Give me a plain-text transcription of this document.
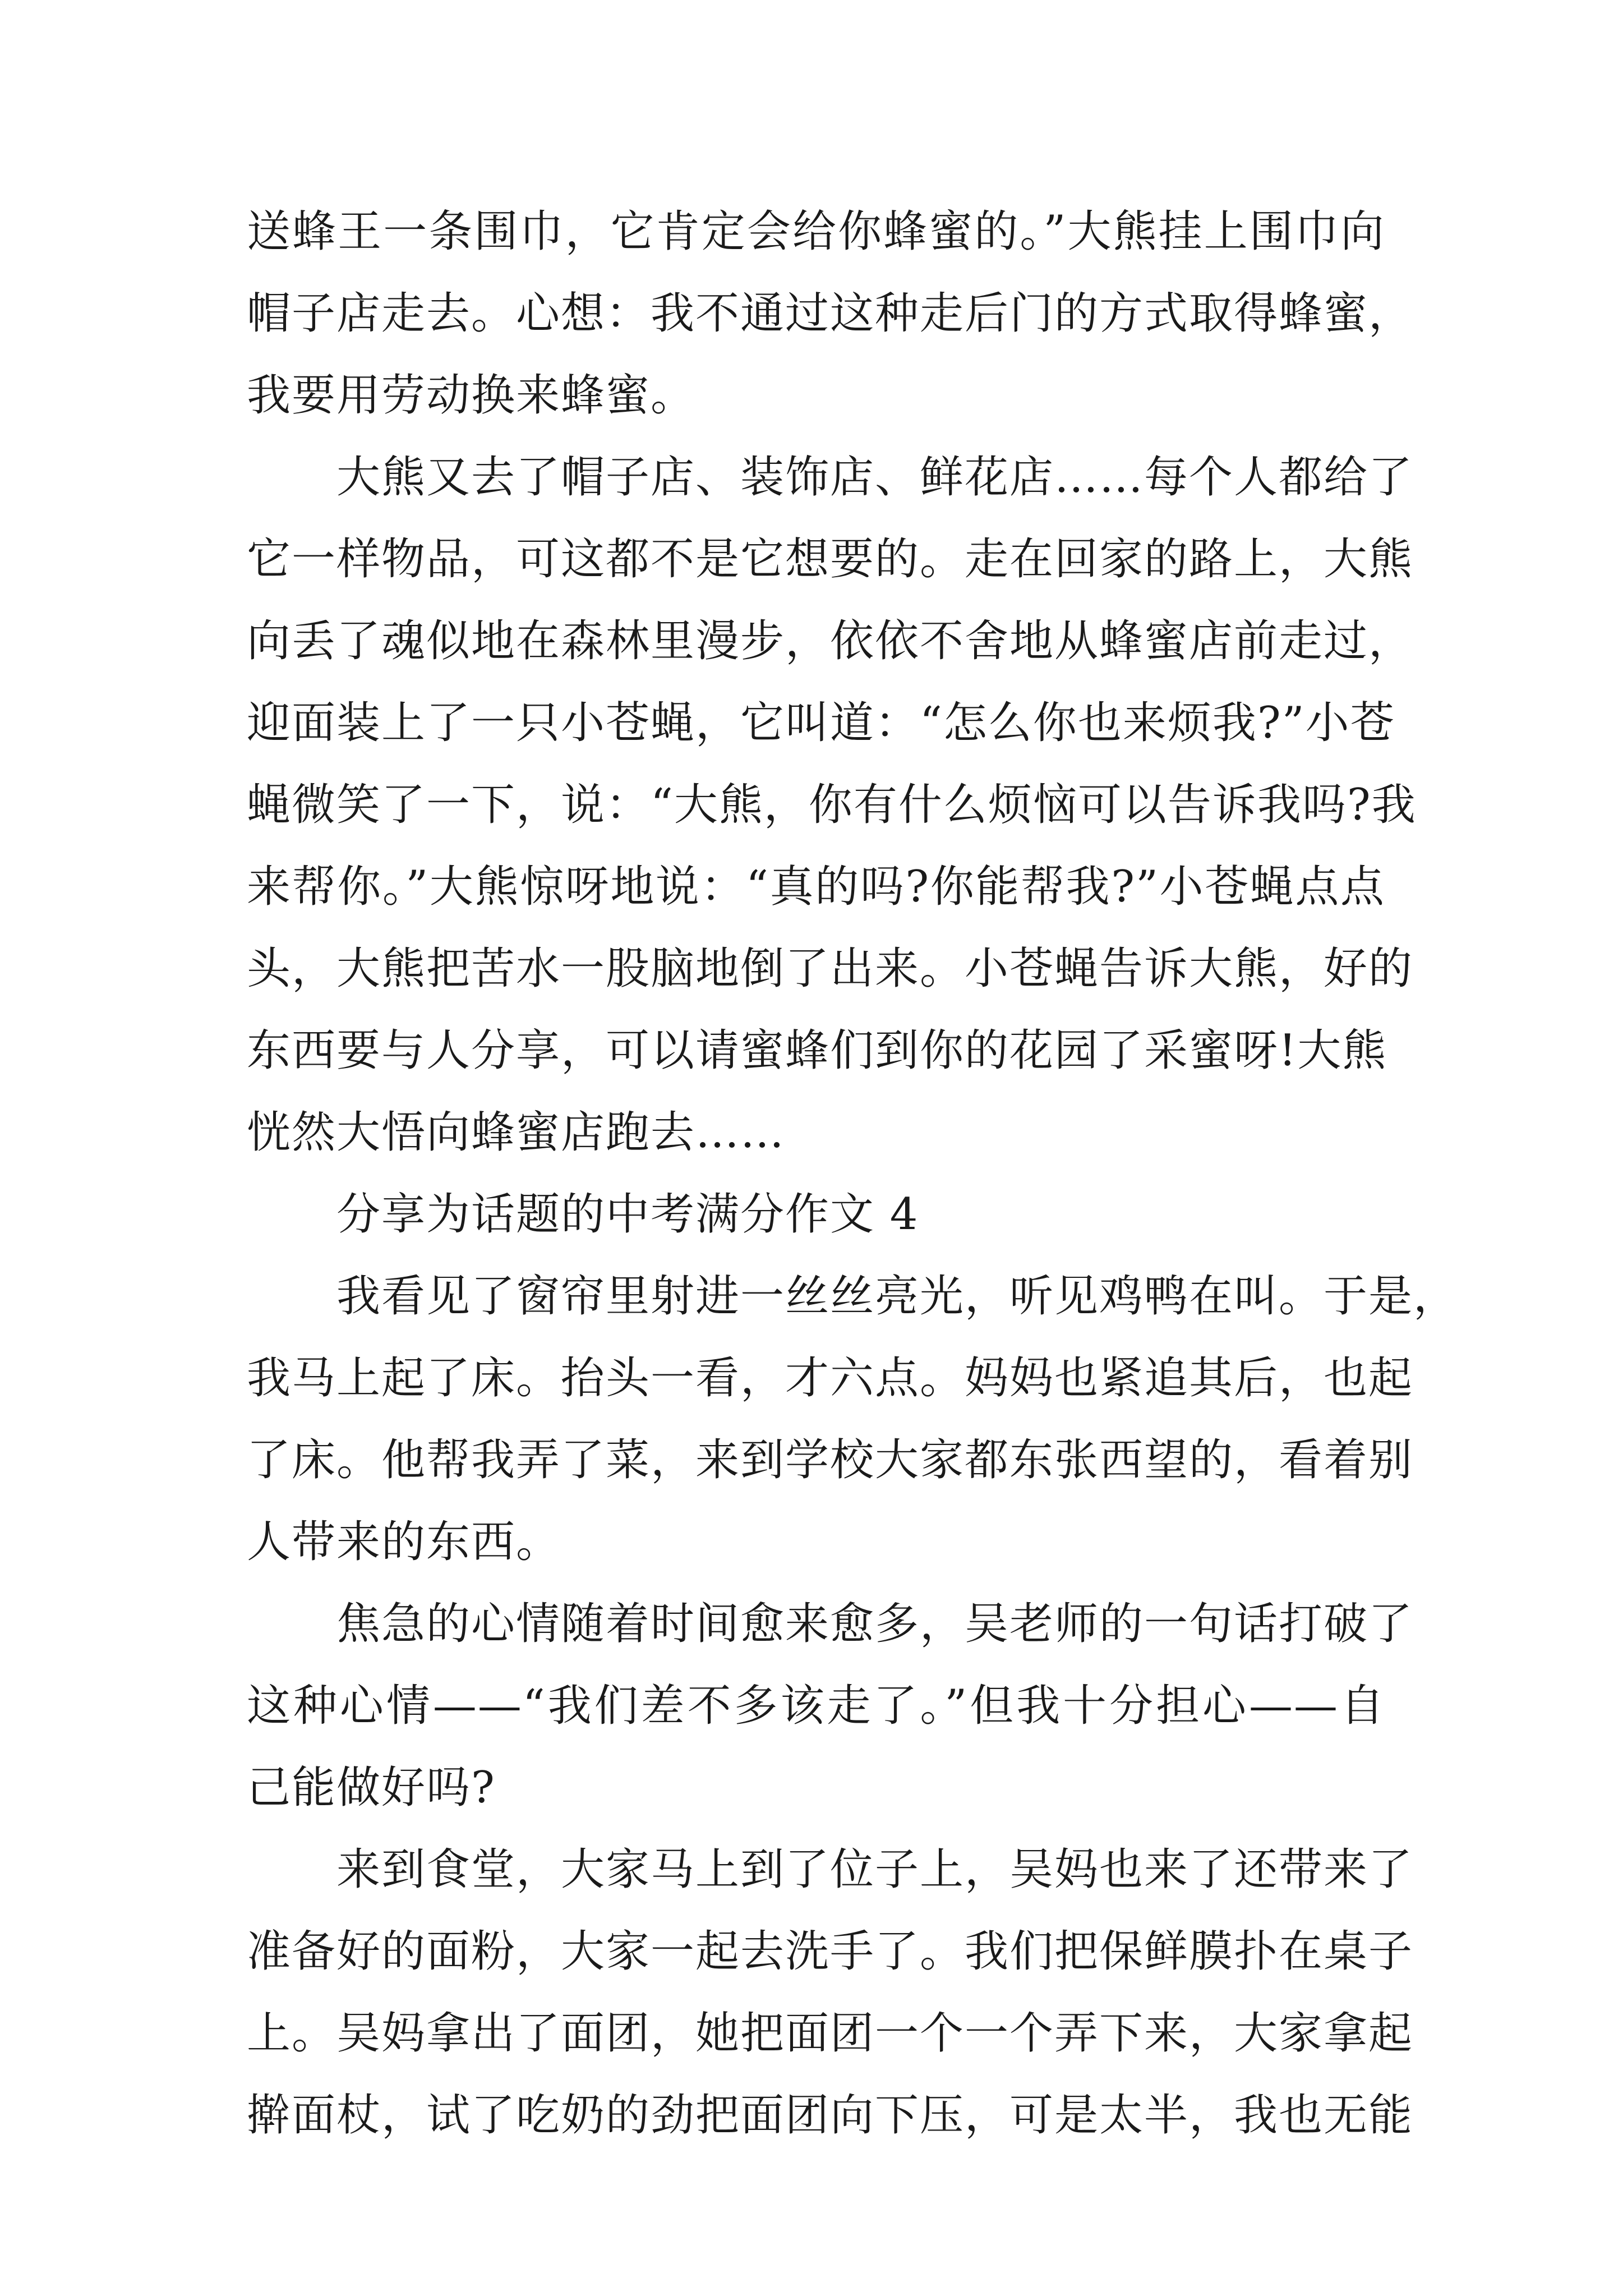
送蜂王一条围巾，它肯定会给你蜂蜜的。”大熊挂上围巾向
帽子店走去。心想：我不通过这种走后门的方式取得蜂蜜，
我要用劳动换来蜂蜜。
大熊又去了帽子店、装饰店、鲜花店……每个人都给了
它一样物品，可这都不是它想要的。走在回家的路上，大熊
向丢了魂似地在森林里漫步，依依不舍地从蜂蜜店前走过，
迎面装上了一只小苍蝇，它叫道：“怎么你也来烦我?”小苍
蝇微笑了一下，说：“大熊，你有什么烦恼可以告诉我吗?我
来帮你。”大熊惊呀地说：“真的吗?你能帮我?”小苍蝇点点
头，大熊把苦水一股脑地倒了出来。小苍蝇告诉大熊，好的
东西要与人分享，可以请蜜蜂们到你的花园了采蜜呀!大熊
恍然大悟向蜂蜜店跑去……
分享为话题的中考满分作文 4
我看见了窗帘里射进一丝丝亮光，听见鸡鸭在叫。于是，
我马上起了床。抬头一看，才六点。妈妈也紧追其后，也起
了床。他帮我弄了菜，来到学校大家都东张西望的，看着别
人带来的东西。
焦急的心情随着时间愈来愈多，吴老师的一句话打破了
这种心情——“我们差不多该走了。”但我十分担心——自
己能做好吗?
来到食堂，大家马上到了位子上，吴妈也来了还带来了
准备好的面粉，大家一起去洗手了。我们把保鲜膜扑在桌子
上。吴妈拿出了面团，她把面团一个一个弄下来，大家拿起
擀面杖，试了吃奶的劲把面团向下压，可是太半，我也无能
